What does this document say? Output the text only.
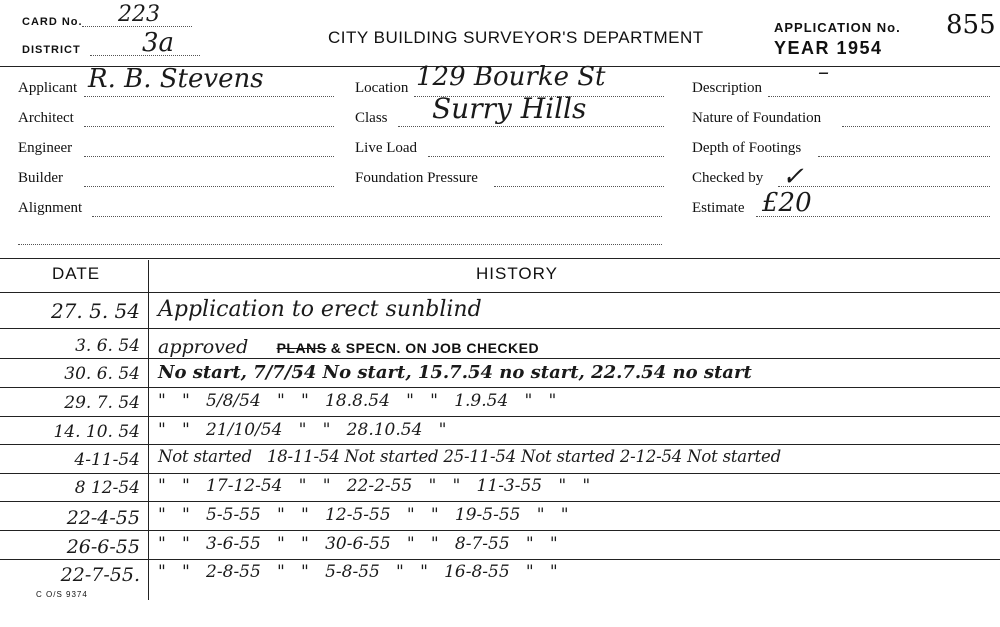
CARD No. 223
DISTRICT 3a	CITY BUILDING SURVEYOR'S DEPARTMENT
APPLICATION No. 855
YEAR 1954
Applicant R. B. Stevens
Architect
Engineer
Builder
Alignment
Location 129 Bourke St
Class Surry Hills
Live Load
Foundation Pressure
Description
–
Nature of Foundation
Depth of Footings
Checked by ✓
Estimate £20
DATE	HISTORY
27. 5. 54 Application to erect sunblind
3. 6. 54 approved PLANS & SPECN. ON JOB CHECKED
30. 6. 54 No start, 7/7/54 No start, 15.7.54 no start, 22.7.54 no start
29. 7. 54 "   "   5/8/54   "   "   18.8.54   "   "   1.9.54   "   "
14. 10. 54 "   "   21/10/54   "   "   28.10.54   "
4-11-54 Not started   18-11-54 Not started 25-11-54 Not started 2-12-54 Not started
8 12-54 "   "   17-12-54   "   "   22-2-55   "   "   11-3-55   "   "
22-4-55 "   "   5-5-55   "   "   12-5-55   "   "   19-5-55   "   "
26-6-55 "   "   3-6-55   "   "   30-6-55   "   "   8-7-55   "   "
22-7-55. "   "   2-8-55   "   "   5-8-55   "   "   16-8-55   "   "
C O/S 9374
